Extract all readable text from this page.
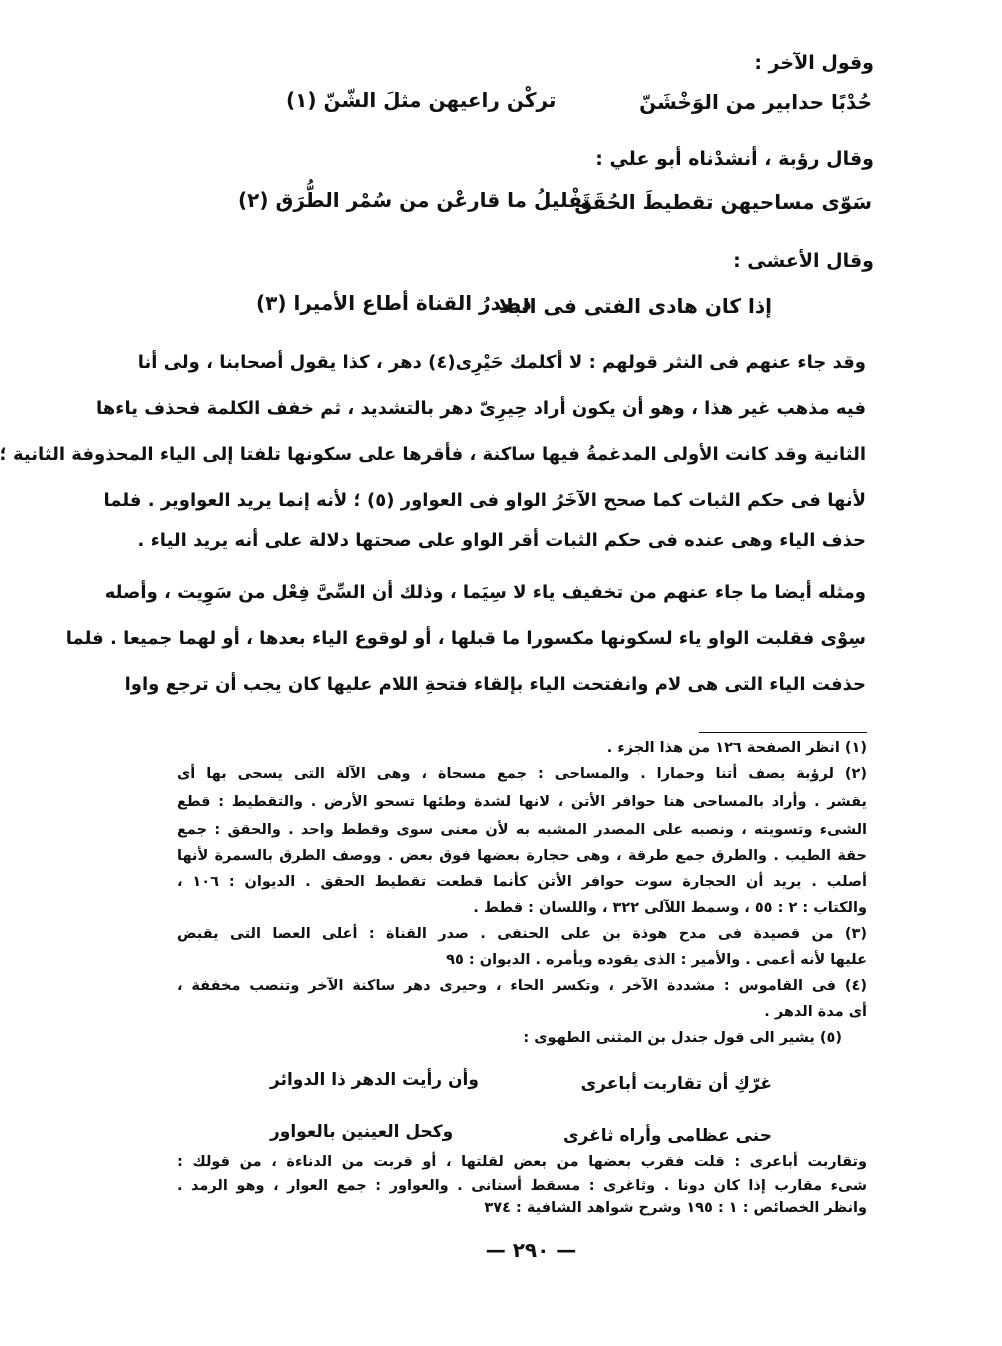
وقول الآخر :
حُدْبًا حدابير من الوَخْشَنّ
تركْن راعيهن مثلَ الشّنّ (١)
وقال رؤبة ، أنشدْناه أبو علي :
سَوّى مساحيهن تقطيطَ الحُقَق
تَفْليلُ ما قارعْن من سُمْر الطُّرَق (٢)
وقال الأعشى :
إذا كان هادى الفتى فى البلا
دصدرُ القناة أطاع الأميرا (٣)
وقد جاء عنهم فى النثر قولهم : لا أكلمك حَيْرِى(٤) دهر ، كذا يقول أصحابنا ، ولى أنا
فيه مذهب غير هذا ، وهو أن يكون أراد حِيرِىّ دهر بالتشديد ، ثم خفف الكلمة فحذف ياءها
الثانية وقد كانت الأولى المدغمةُ فيها ساكنة ، فأقرها على سكونها تلفتا إلى الياء المحذوفة الثانية ؛
لأنها فى حكم الثبات كما صحح الآخَرُ الواو فى العواور (٥) ؛ لأنه إنما يريد العواوير . فلما
حذف الياء وهى عنده فى حكم الثبات أقر الواو على صحتها دلالة على أنه يريد الياء .
ومثله أيضا ما جاء عنهم من تخفيف ياء لا سِيَما ، وذلك أن السِّىَّ فِعْل من سَوِيت ، وأصله
سِوْى فقلبت الواو ياء لسكونها مكسورا ما قبلها ، أو لوقوع الياء بعدها ، أو لهما جميعا . فلما
حذفت الياء التى هى لام وانفتحت الياء بإلقاء فتحةِ اللام عليها كان يجب أن ترجع واوا
(١) انظر الصفحة ١٢٦ من هذا الجزء .
(٢) لرؤبة يصف أتنا وحمارا . والمساحى : جمع مسحاة ، وهى الآلة التى يسحى بها أى
يقشر . وأراد بالمساحى هنا حوافر الأتن ، لانها لشدة وطئها تسحو الأرض . والتقطيط : قطع
الشىء وتسويته ، ونصبه على المصدر المشبه به لأن معنى سوى وقطط واحد . والحقق : جمع
حقة الطيب . والطرق جمع طرقة ، وهى حجارة بعضها فوق بعض . ووصف الطرق بالسمرة لأنها
أصلب . يريد أن الحجارة سوت حوافر الأتن كأنما قطعت تقطيط الحقق . الديوان : ١٠٦ ،
والكتاب : ٢ : ٥٥ ، وسمط اللآلى ٣٢٢ ، واللسان : قطط .
(٣) من قصيدة فى مدح هوذة بن على الحنفى . صدر القناة : أعلى العصا التى يقبض
عليها لأنه أعمى . والأمير : الذى يقوده ويأمره . الديوان : ٩٥
(٤) فى القاموس : مشددة الآخر ، وتكسر الحاء ، وحيرى دهر ساكنة الآخر وتنصب مخففة ،
أى مدة الدهر .
(٥) يشير الى قول جندل بن المثنى الطهوى :
غرّكِ أن تقاربت أباعرى
وأن رأيت الدهر ذا الدوائر
حنى عظامى وأراه ثاغرى
وكحل العينين بالعواور
وتقاربت أباعرى : قلت فقرب بعضها من بعض لقلتها ، أو قربت من الدناءة ، من قولك :
شىء مقارب إذا كان دونا . وثاغرى : مسقط أسنانى . والعواور : جمع العوار ، وهو الرمد .
وانظر الخصائص : ١ : ١٩٥ وشرح شواهد الشافية : ٣٧٤
— ٢٩٠ —
